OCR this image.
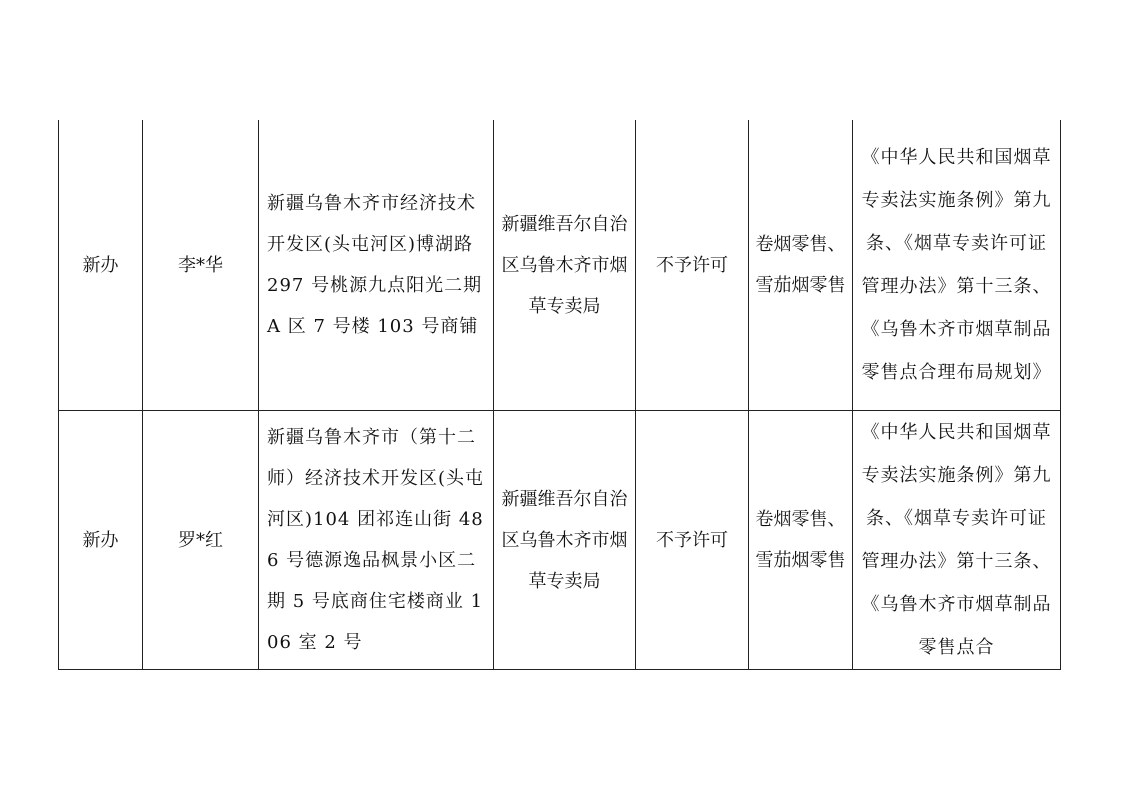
新办	李*华	新疆乌鲁木齐市经济技术开发区(头屯河区)博湖路 297 号桃源九点阳光二期 A 区 7 号楼 103 号商铺	新疆维吾尔自治区乌鲁木齐市烟草专卖局	不予许可	卷烟零售、雪茄烟零售	《中华人民共和国烟草专卖法实施条例》第九条、《烟草专卖许可证管理办法》第十三条、《乌鲁木齐市烟草制品零售点合理布局规划》

新办	罗*红	新疆乌鲁木齐市（第十二师）经济技术开发区(头屯河区)104 团祁连山街 486 号德源逸品枫景小区二期 5 号底商住宅楼商业 106 室 2 号	新疆维吾尔自治区乌鲁木齐市烟草专卖局	不予许可	卷烟零售、雪茄烟零售	《中华人民共和国烟草专卖法实施条例》第九条、《烟草专卖许可证管理办法》第十三条、《乌鲁木齐市烟草制品零售点合
